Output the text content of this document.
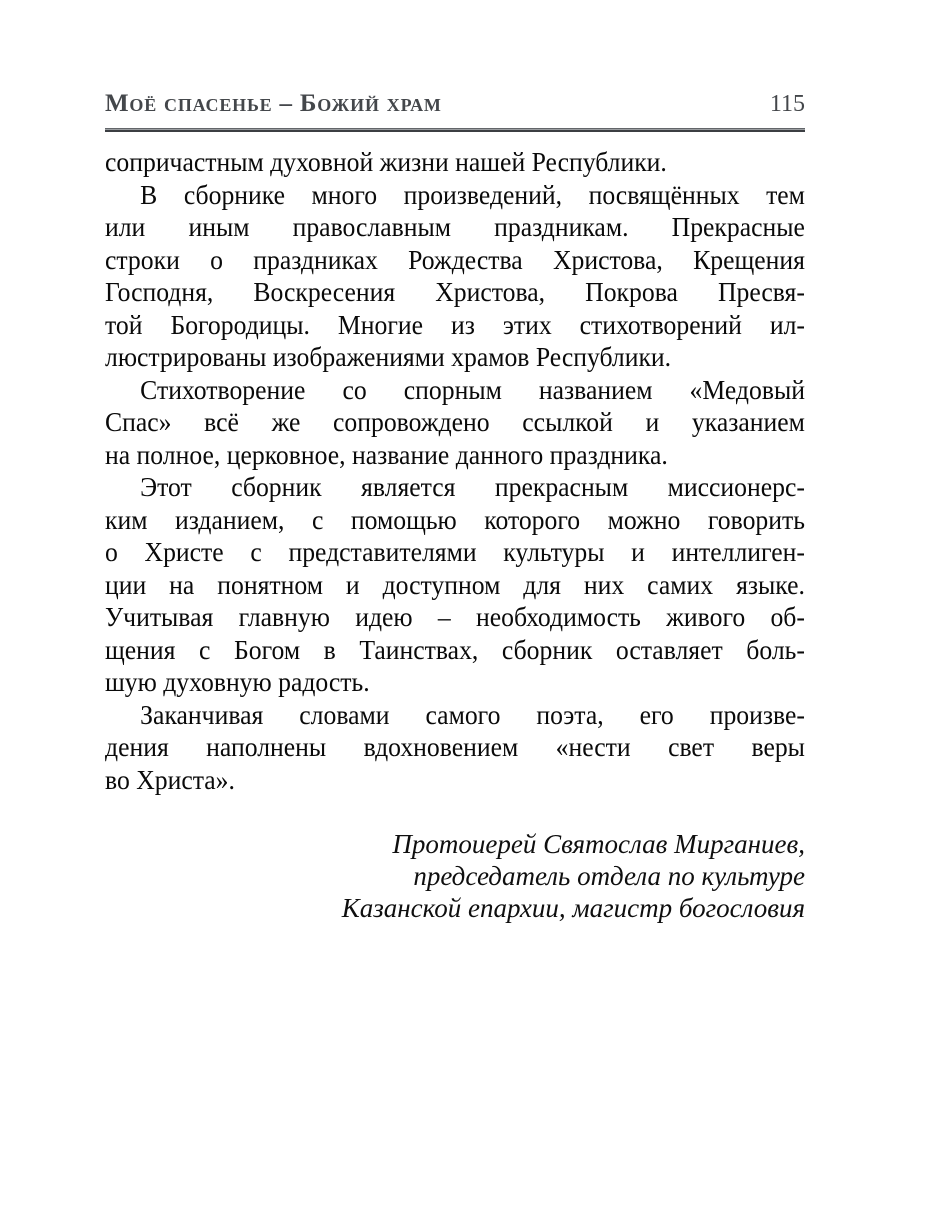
Моё спасенье – Божий храм	115
сопричастным духовной жизни нашей Республики.
В сборнике много произведений, посвящённых тем
или иным православным праздникам. Прекрасные
строки о праздниках Рождества Христова, Крещения
Господня, Воскресения Христова, Покрова Пресвя-
той Богородицы. Многие из этих стихотворений ил-
люстрированы изображениями храмов Республики.
Стихотворение со спорным названием «Медовый
Спас» всё же сопровождено ссылкой и указанием
на полное, церковное, название данного праздника.
Этот сборник является прекрасным миссионерс-
ким изданием, с помощью которого можно говорить
о Христе с представителями культуры и интеллиген-
ции на понятном и доступном для них самих языке.
Учитывая главную идею – необходимость живого об-
щения с Богом в Таинствах, сборник оставляет боль-
шую духовную радость.
Заканчивая словами самого поэта, его произве-
дения наполнены вдохновением «нести свет веры
во Христа».
Протоиерей Святослав Мирганиев,
председатель отдела по культуре
Казанской епархии, магистр богословия
